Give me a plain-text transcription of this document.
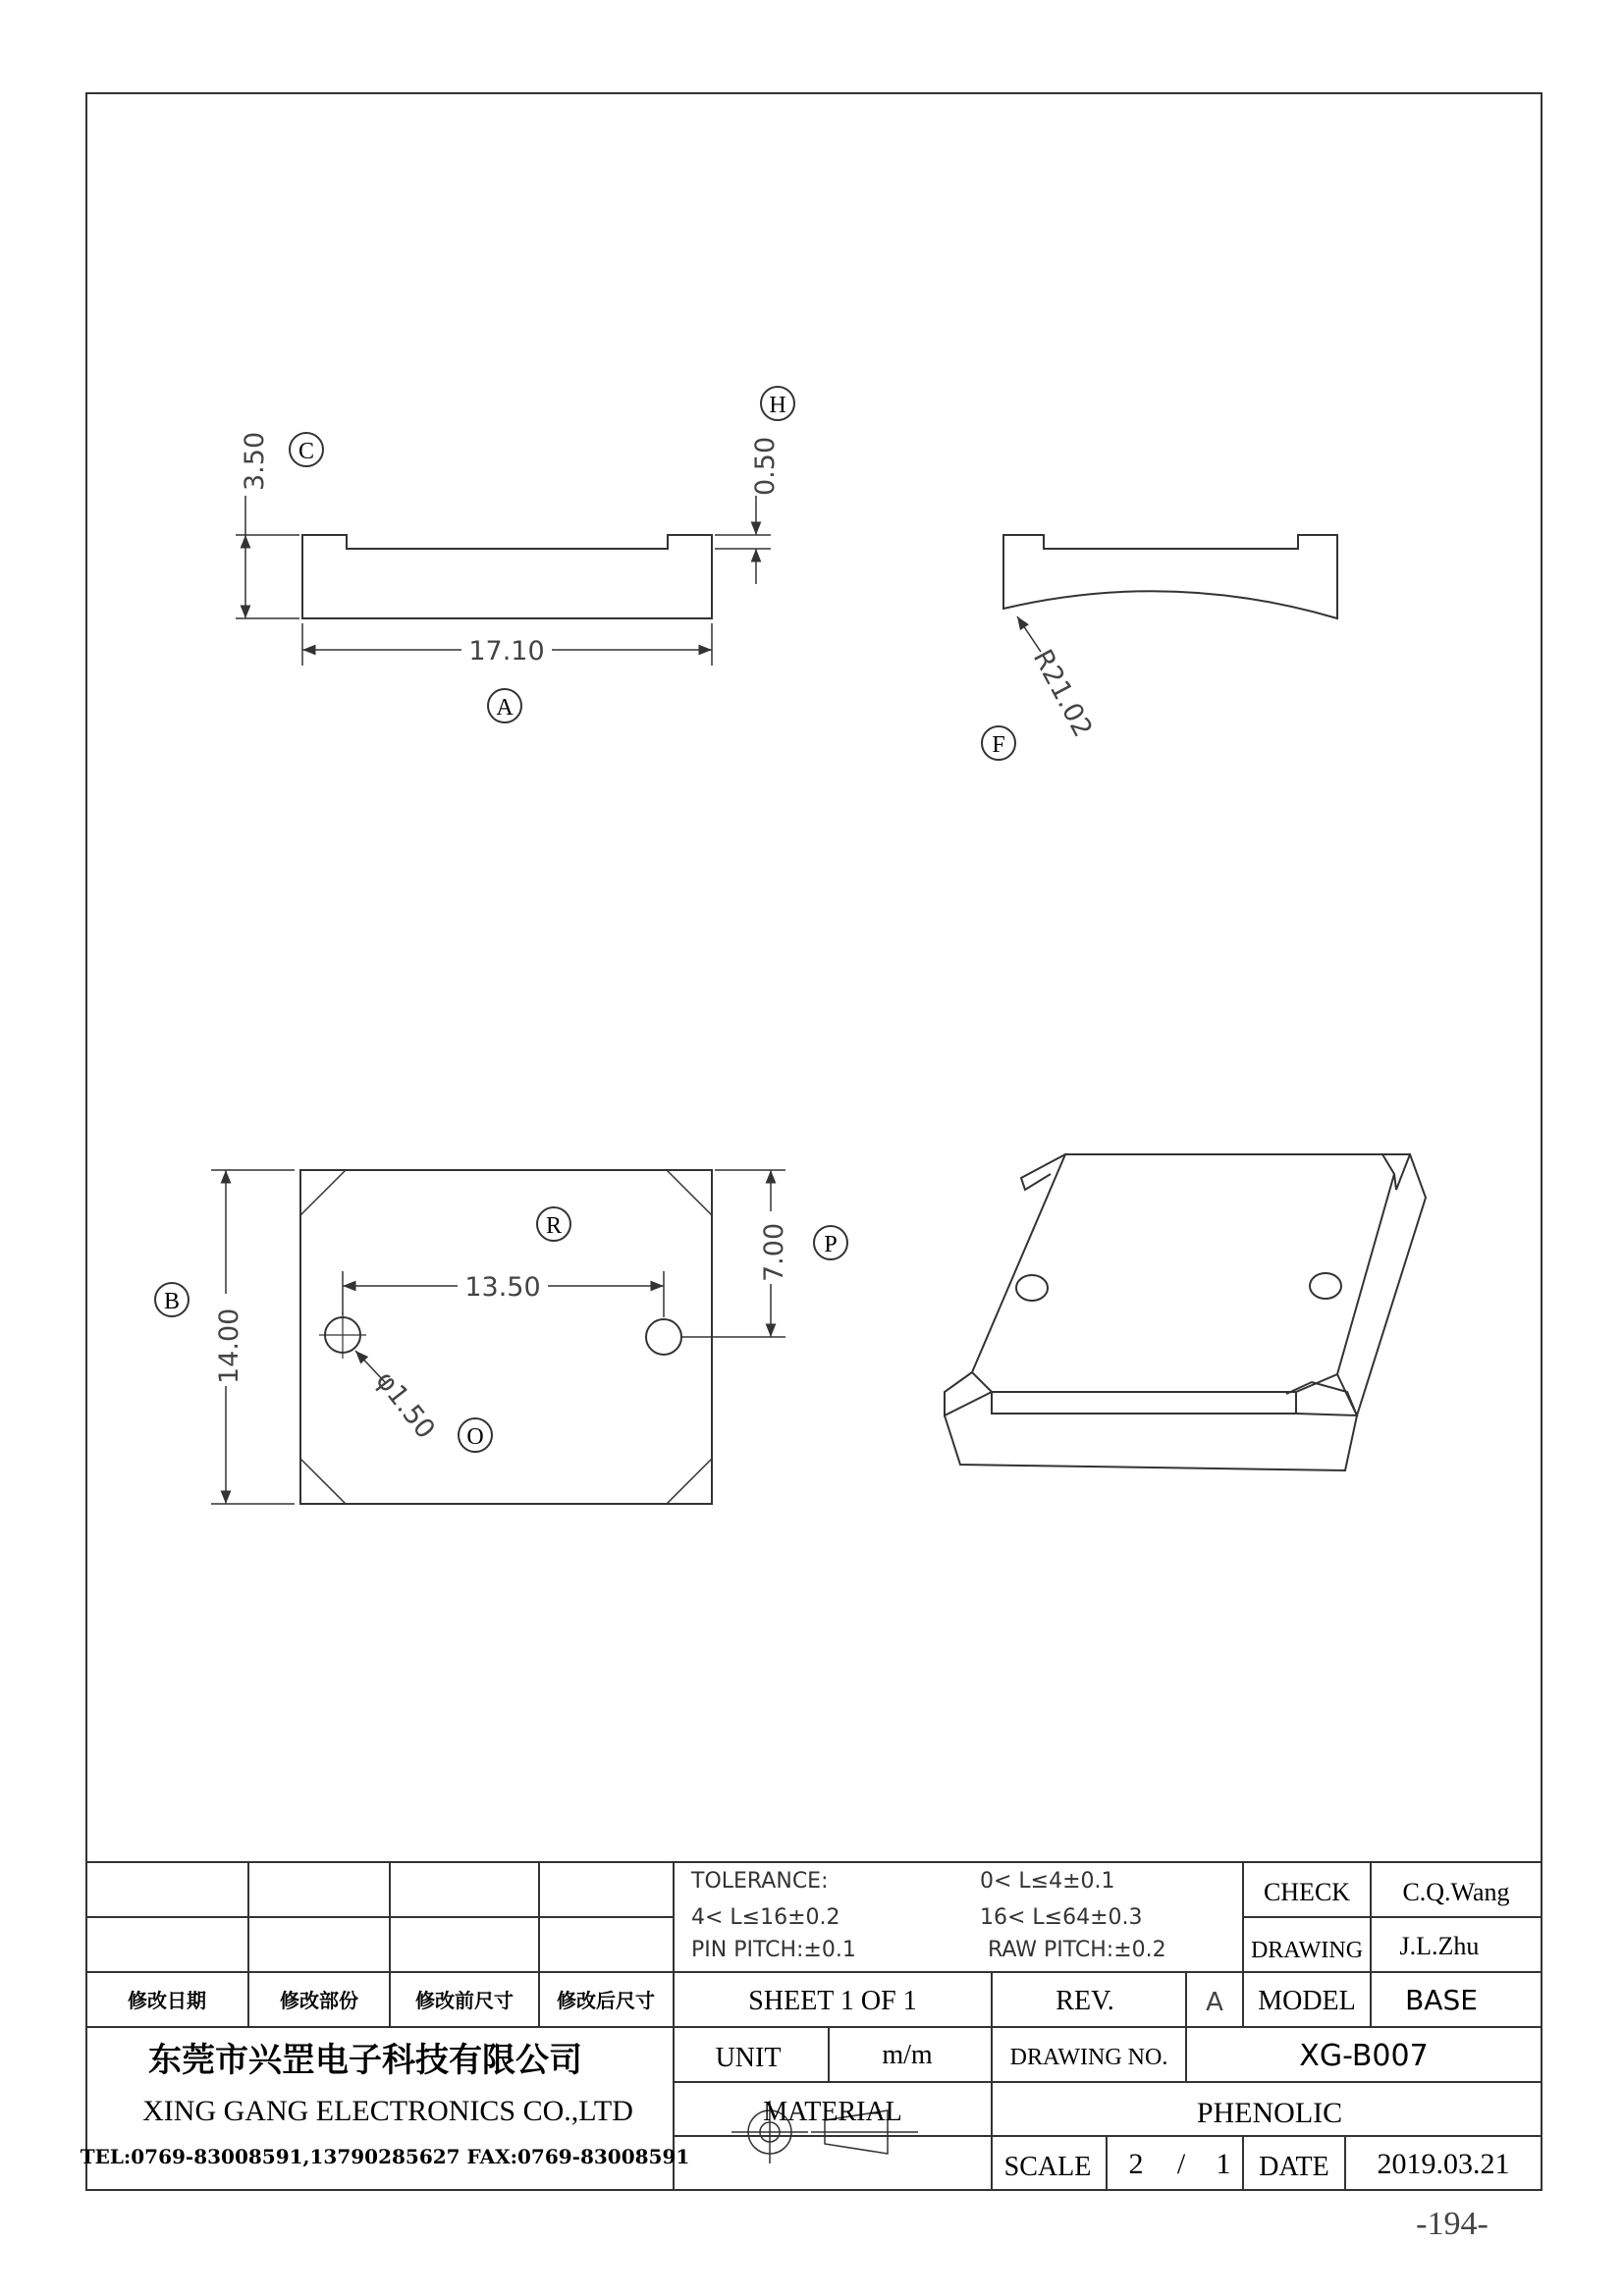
3.50 C	0.50
H
17.10
A	R21.02
F
14.00
B	13.50
7.00 P
R
φ1.50 O
修改日期	修改部份	修改前尺寸 修改后尺寸
TOLERANCE:	0< L≤4±0.1
4< L≤16±0.2	16< L≤64±0.3
PIN PITCH:±0.1	RAW PITCH:±0.2
CHECK C.Q.Wang
DRAWING J.L.Zhu
SHEET 1 OF 1	REV.	A MODEL BASE
东莞市兴罡电子科技有限公司
XING GANG ELECTRONICS CO.,LTD
TEL:0769-83008591,13790285627 FAX:0769-83008591
UNIT	m/m	DRAWING NO.	XG-B007
MATERIAL	PHENOLIC
SCALE 2 / 1 DATE 2019.03.21
-194-
